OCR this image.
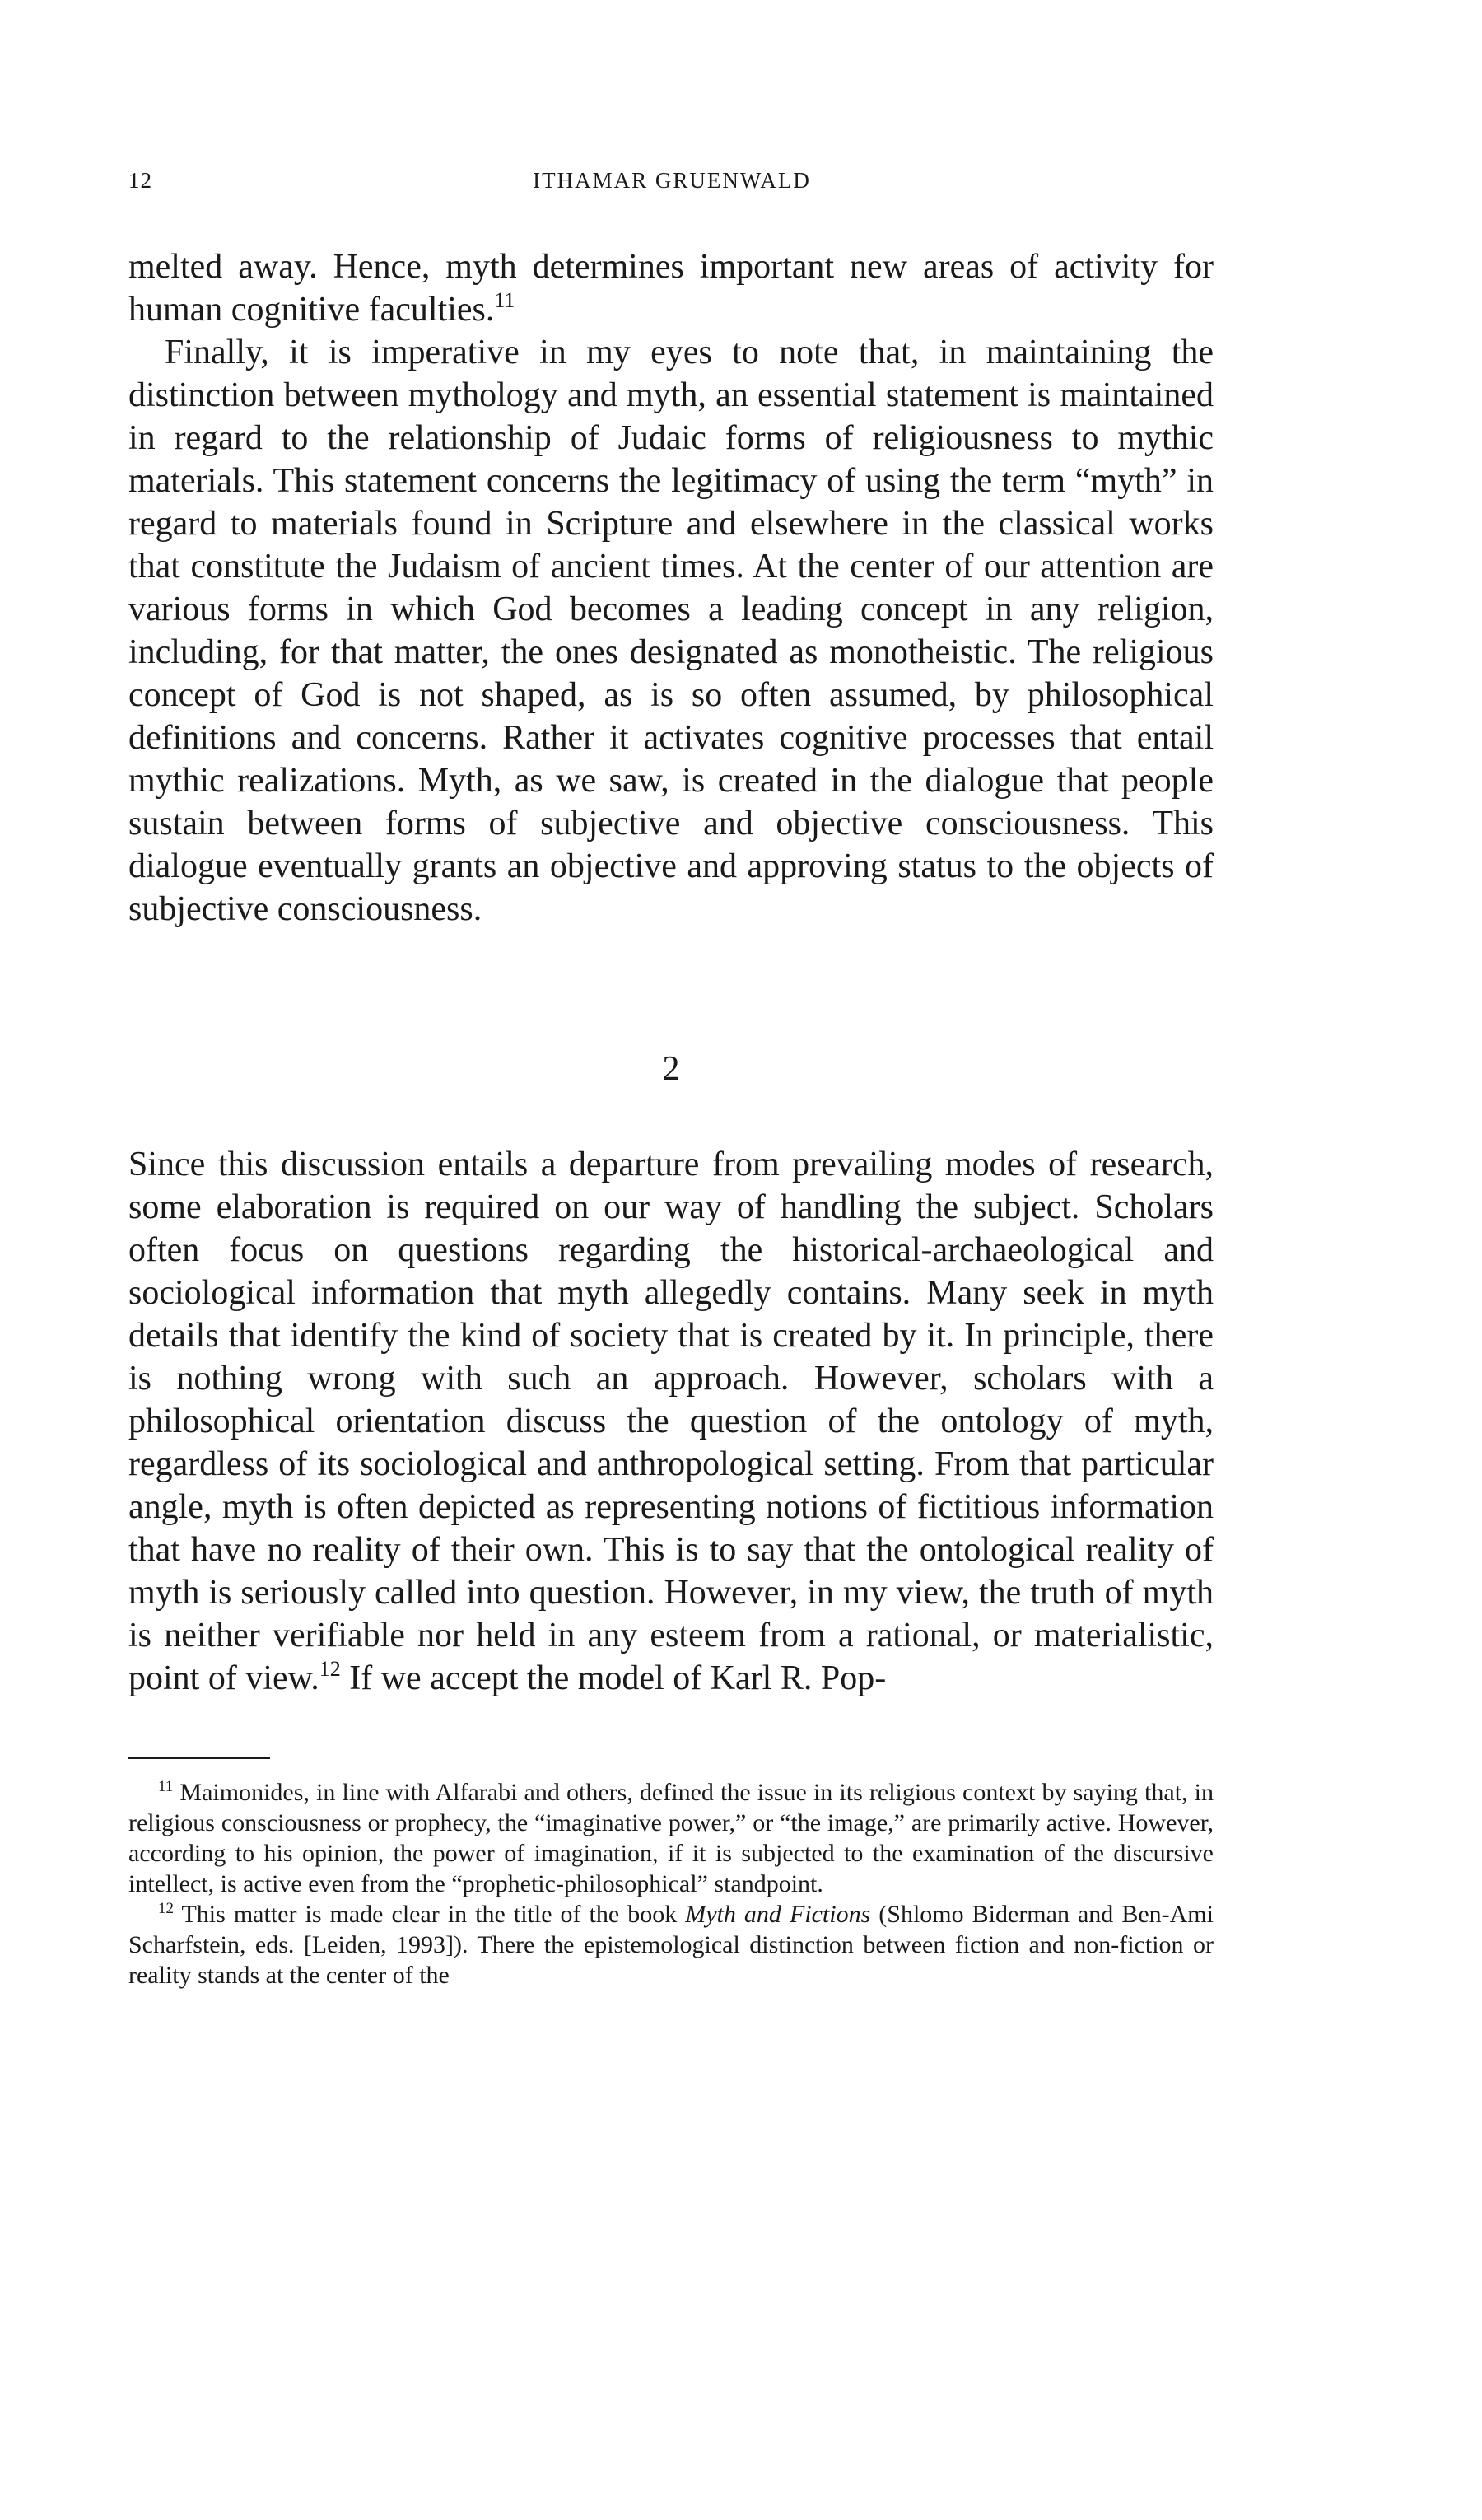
12	ITHAMAR GRUENWALD

melted away. Hence, myth determines important new areas of activity for human cognitive faculties.$^{11}$

Finally, it is imperative in my eyes to note that, in maintaining the distinction between mythology and myth, an essential statement is maintained in regard to the relationship of Judaic forms of religiousness to mythic materials. This statement concerns the legitimacy of using the term “myth” in regard to materials found in Scripture and elsewhere in the classical works that constitute the Judaism of ancient times. At the center of our attention are various forms in which God becomes a leading concept in any religion, including, for that matter, the ones designated as monotheistic. The religious concept of God is not shaped, as is so often assumed, by philosophical definitions and concerns. Rather it activates cognitive processes that entail mythic realizations. Myth, as we saw, is created in the dialogue that people sustain between forms of subjective and objective consciousness. This dialogue eventually grants an objective and approving status to the objects of subjective consciousness.

2

Since this discussion entails a departure from prevailing modes of research, some elaboration is required on our way of handling the subject. Scholars often focus on questions regarding the historical-archaeological and sociological information that myth allegedly contains. Many seek in myth details that identify the kind of society that is created by it. In principle, there is nothing wrong with such an approach. However, scholars with a philosophical orientation discuss the question of the ontology of myth, regardless of its sociological and anthropological setting. From that particular angle, myth is often depicted as representing notions of fictitious information that have no reality of their own. This is to say that the ontological reality of myth is seriously called into question. However, in my view, the truth of myth is neither verifiable nor held in any esteem from a rational, or materialistic, point of view.$^{12}$ If we accept the model of Karl R. Pop-

$^{11}$ Maimonides, in line with Alfarabi and others, defined the issue in its religious context by saying that, in religious consciousness or prophecy, the “imaginative power,” or “the image,” are primarily active. However, according to his opinion, the power of imagination, if it is subjected to the examination of the discursive intellect, is active even from the “prophetic-philosophical” standpoint.

$^{12}$ This matter is made clear in the title of the book Myth and Fictions (Shlomo Biderman and Ben-Ami Scharfstein, eds. [Leiden, 1993]). There the epistemological distinction between fiction and non-fiction or reality stands at the center of the
